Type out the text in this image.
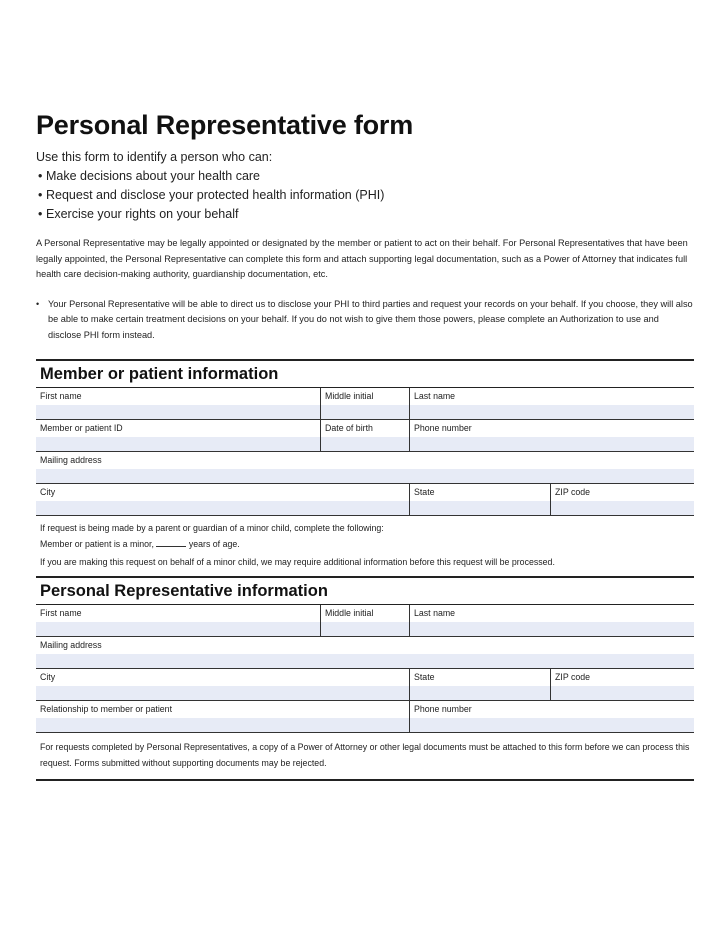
Personal Representative form
Use this form to identify a person who can:
• Make decisions about your health care
• Request and disclose your protected health information (PHI)
• Exercise your rights on your behalf
A Personal Representative may be legally appointed or designated by the member or patient to act on their behalf. For Personal Representatives that have been legally appointed, the Personal Representative can complete this form and attach supporting legal documentation, such as a Power of Attorney that indicates full health care decision-making authority, guardianship documentation, etc.
• Your Personal Representative will be able to direct us to disclose your PHI to third parties and request your records on your behalf. If you choose, they will also be able to make certain treatment decisions on your behalf. If you do not wish to give them those powers, please complete an Authorization to use and disclose PHI form instead.
Member or patient information
First name	Middle initial	Last name
Member or patient ID	Date of birth	Phone number
Mailing address
City	State	ZIP code
If request is being made by a parent or guardian of a minor child, complete the following:
Member or patient is a minor,	years of age.
If you are making this request on behalf of a minor child, we may require additional information before this request will be processed.
Personal Representative information
First name	Middle initial	Last name
Mailing address
City	State	ZIP code
Relationship to member or patient	Phone number
For requests completed by Personal Representatives, a copy of a Power of Attorney or other legal documents must be attached to this form before we can process this request. Forms submitted without supporting documents may be rejected.
